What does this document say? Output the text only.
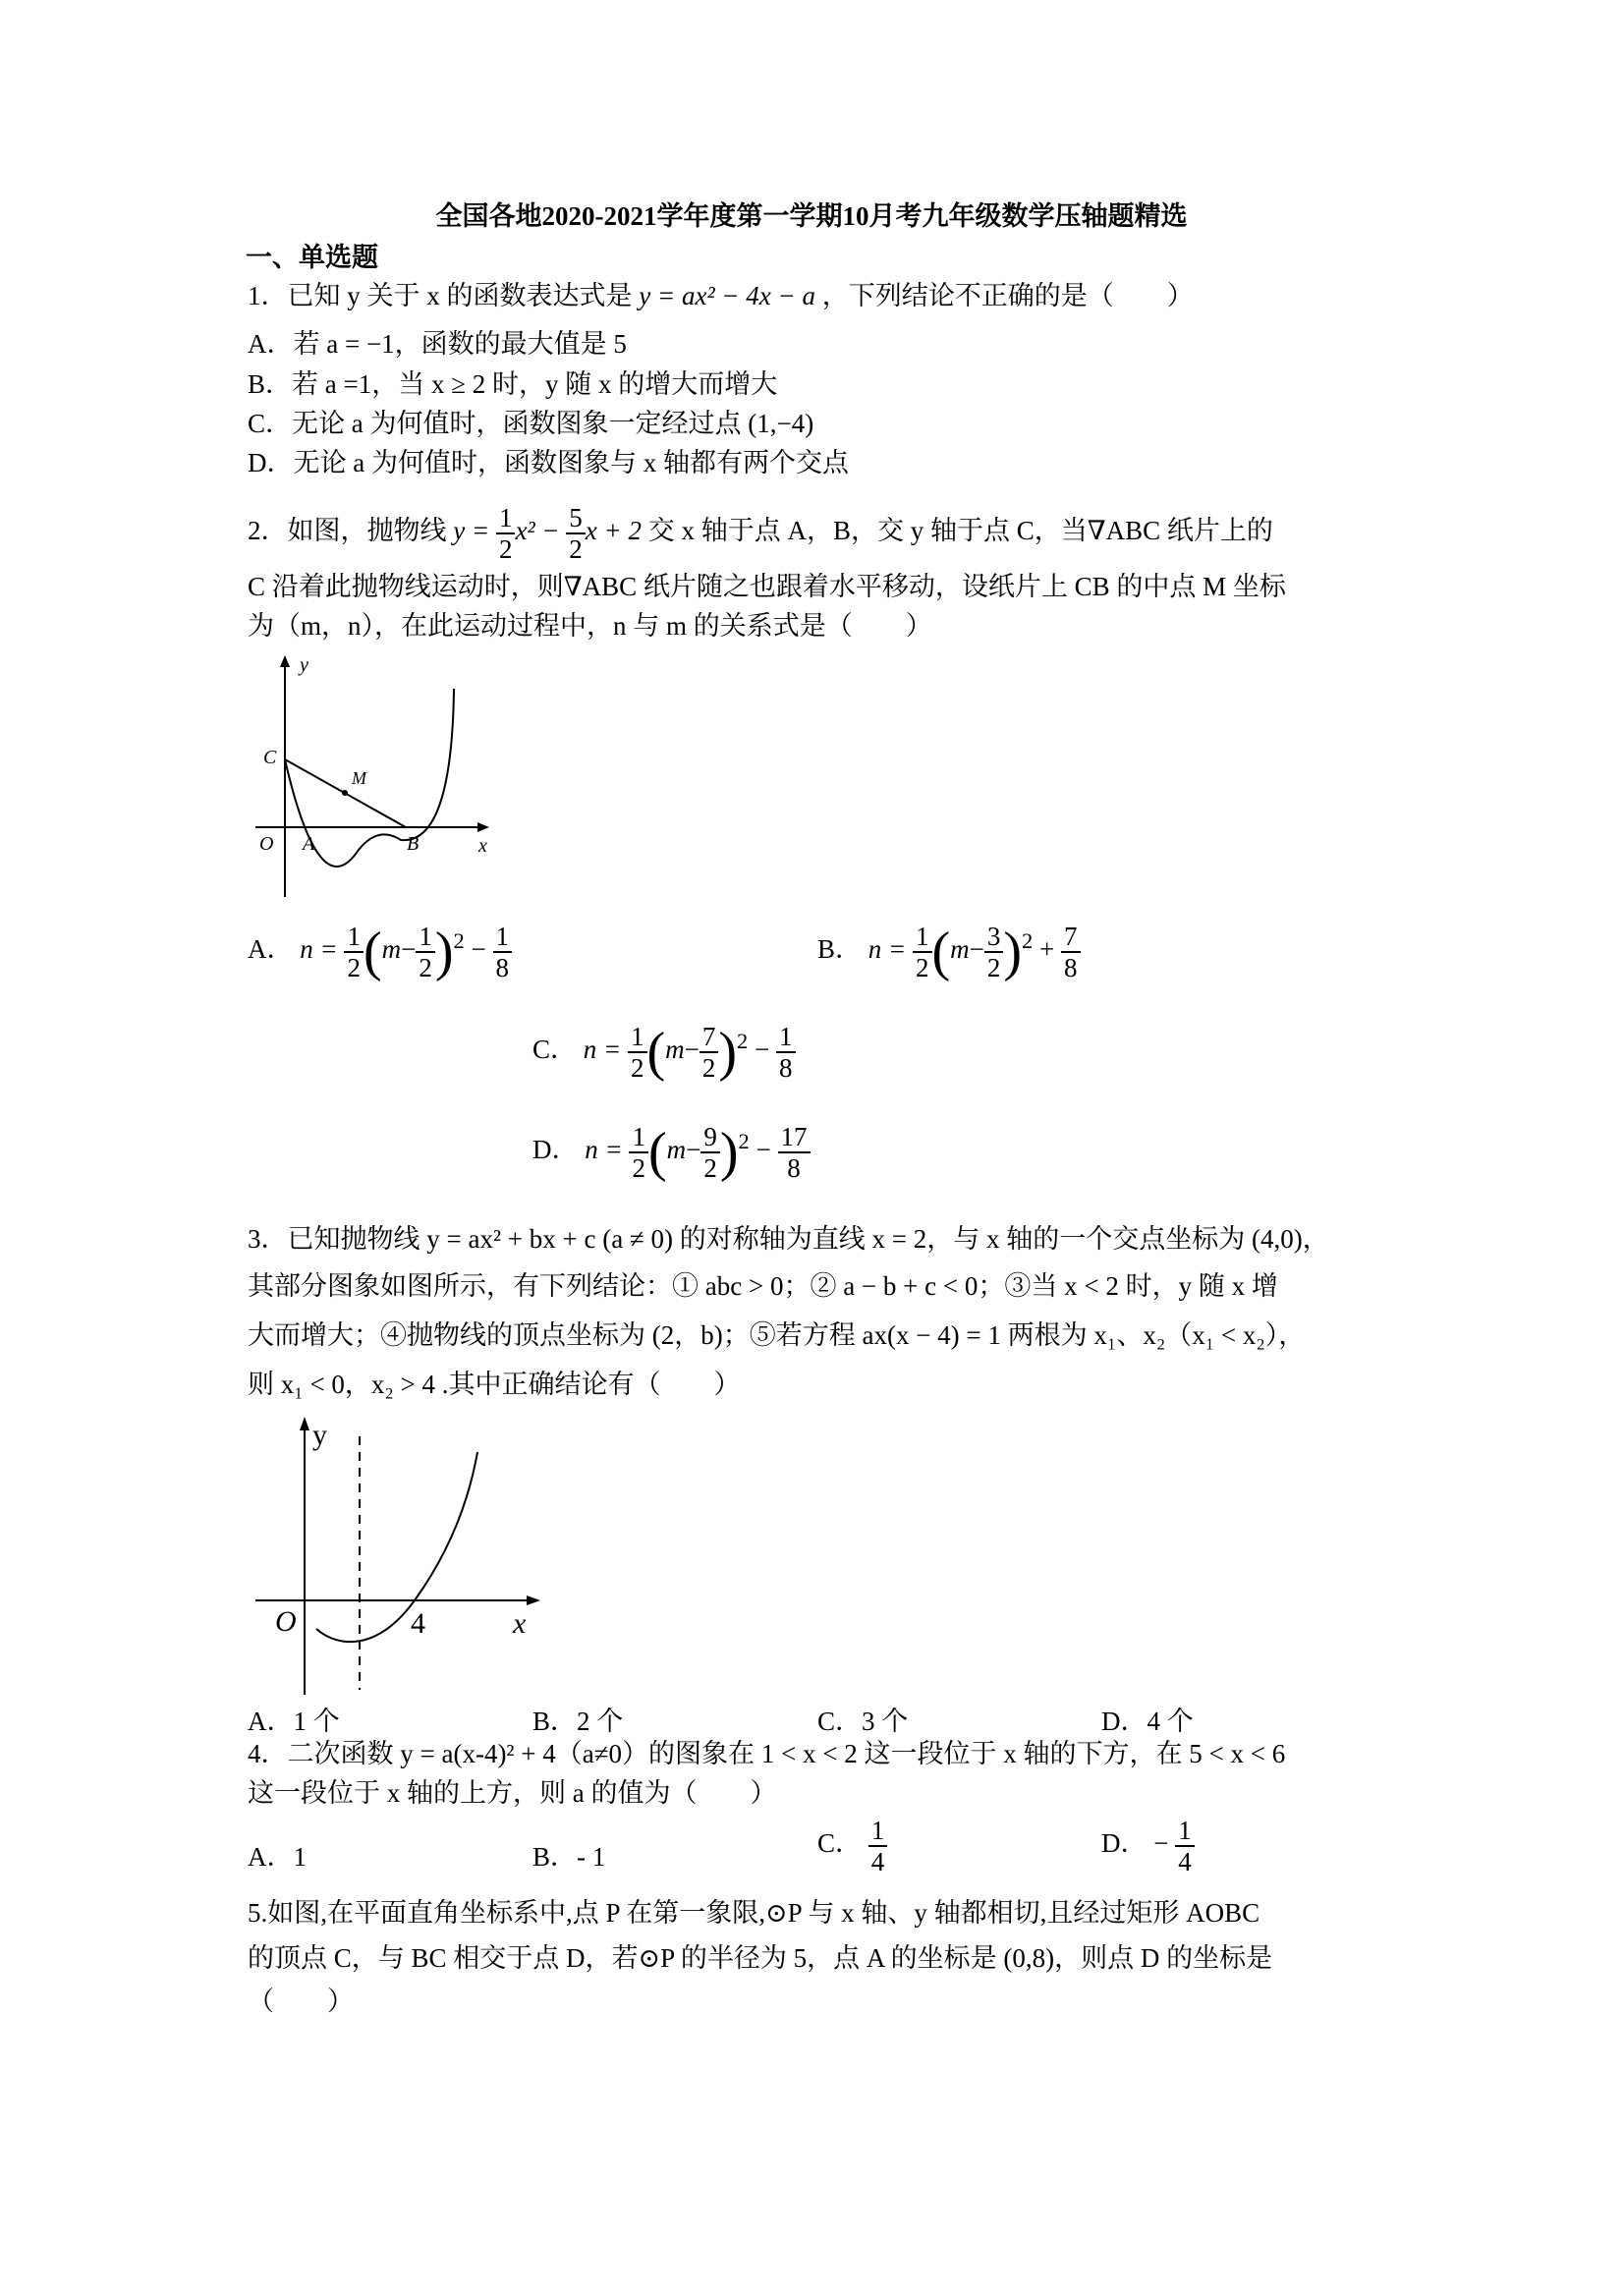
全国各地2020-2021学年度第一学期10月考九年级数学压轴题精选
一、单选题
1．已知 y 关于 x 的函数表达式是 y = ax² − 4x − a ，下列结论不正确的是（　　）
A．若 a = −1，函数的最大值是 5
B．若 a =1，当 x ≥ 2 时，y 随 x 的增大而增大
C．无论 a 为何值时，函数图象一定经过点 (1,−4)
D．无论 a 为何值时，函数图象与 x 轴都有两个交点
2．如图，抛物线 $y = \frac{1}{2} x^2 - \frac{5}{2}$ x + 2 交 x 轴于点 A，B，交 y 轴于点 C，当∇ABC 纸片上的
C 沿着此抛物线运动时，则∇ABC 纸片随之也跟着水平移动，设纸片上 CB 的中点 M 坐标
为（m，n），在此运动过程中，n 与 m 的关系式是（　　）
y
x
C
M
O A	B
A． $n = \frac{1}{2} (m- \frac{1}{2} )^2 - \frac{1}{8}$	B． $n = \frac{1}{2} (m- \frac{3}{2} )^2 + \frac{7}{8}$
C． $n = \frac{1}{2} (m- \frac{7}{2} )^2 - \frac{1}{8}$
D． $n = \frac{1}{2} (m- \frac{9}{2} )^2 - \frac{17}{8}$
3．已知抛物线 y = ax² + bx + c (a ≠ 0) 的对称轴为直线 x = 2，与 x 轴的一个交点坐标为 (4,0)，
其部分图象如图所示，有下列结论：① abc > 0；② a − b + c < 0；③当 x < 2 时，y 随 x 增
大而增大；④抛物线的顶点坐标为 (2，b)；⑤若方程 ax(x − 4) = 1 两根为 x₁、x₂（x₁ < x₂），
则 x₁ < 0，x₂ > 4 .其中正确结论有（　　）
y
x
O	4
A．1 个	B．2 个	C．3 个	D．4 个
4．二次函数 y = a(x-4)² + 4（a≠0）的图象在 1 < x < 2 这一段位于 x 轴的下方，在 5 < x < 6
这一段位于 x 轴的上方，则 a 的值为（　　）
A．1	B．- 1	C． $\frac{1}{4}$	D． − $\frac{1}{4}$
5.如图,在平面直角坐标系中,点 P 在第一象限,⊙P 与 x 轴、y 轴都相切,且经过矩形 AOBC
的顶点 C，与 BC 相交于点 D，若⊙P 的半径为 5，点 A 的坐标是 (0,8)，则点 D 的坐标是
（　　）
